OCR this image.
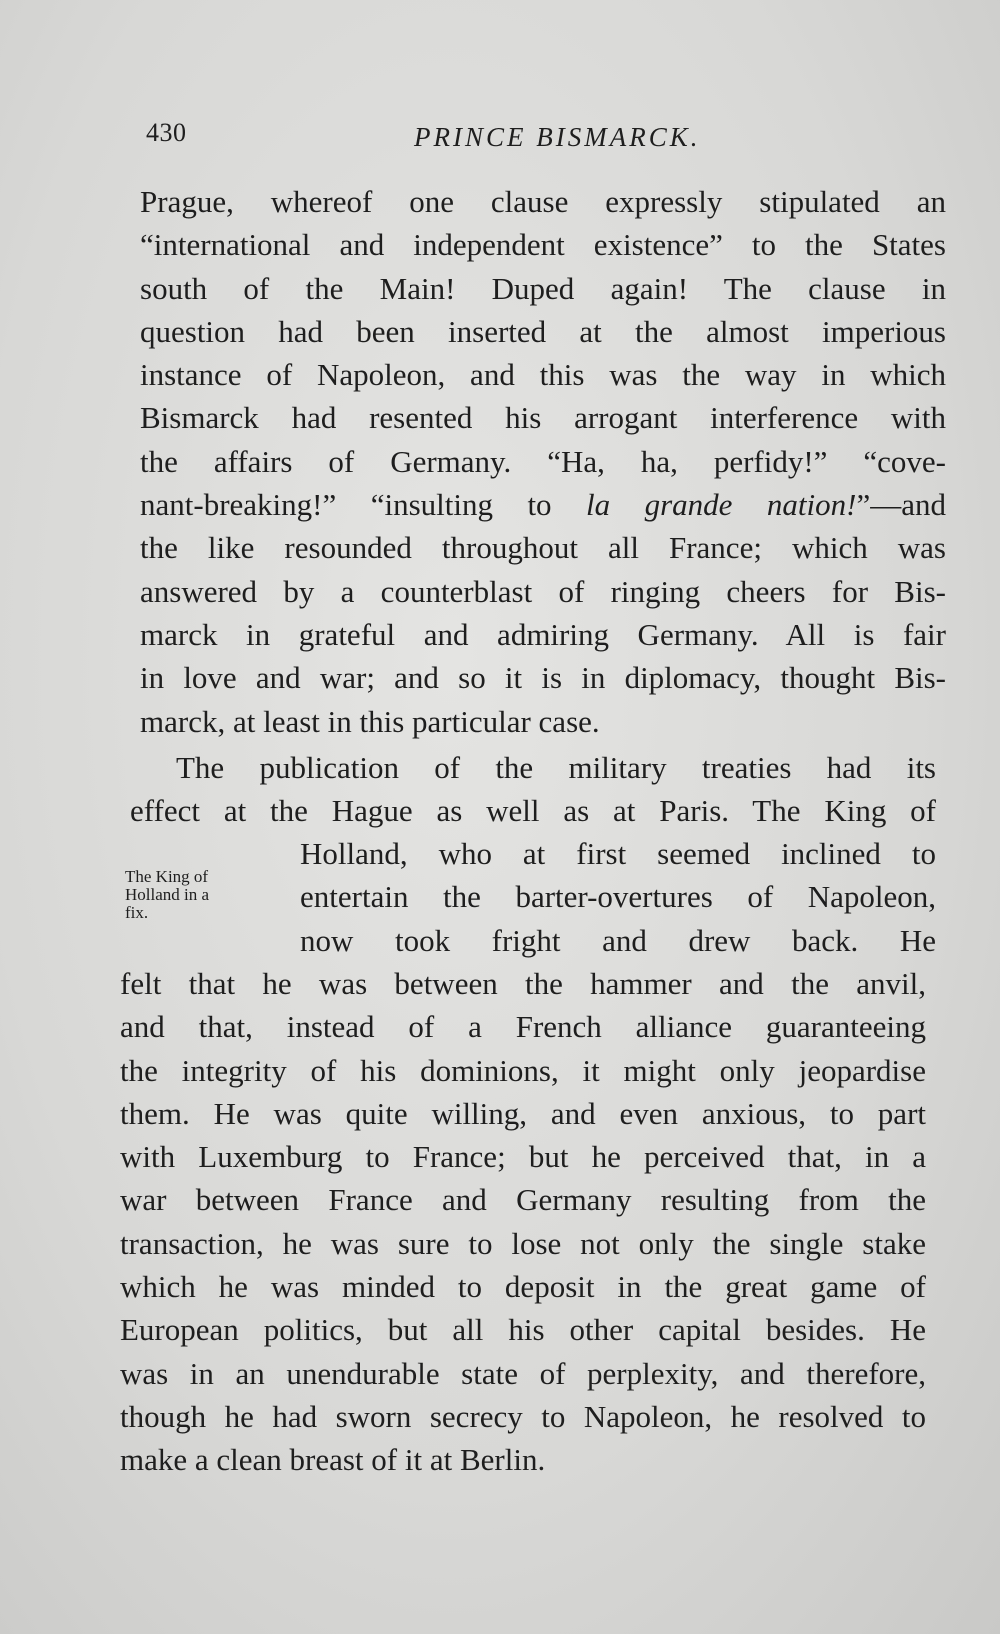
430	PRINCE BISMARCK.
Prague, whereof one clause expressly stipulated an
“international and independent existence” to the States
south of the Main! Duped again! The clause in
question had been inserted at the almost imperious
instance of Napoleon, and this was the way in which
Bismarck had resented his arrogant interference with
the affairs of Germany. “Ha, ha, perfidy!” “cove-
nant-breaking!” “insulting to la grande nation!”—and
the like resounded throughout all France; which was
answered by a counterblast of ringing cheers for Bis-
marck in grateful and admiring Germany. All is fair
in love and war; and so it is in diplomacy, thought Bis-
marck, at least in this particular case.
The publication of the military treaties had its
effect at the Hague as well as at Paris. The King of
The King of
Holland in a
fix.
Holland, who at first seemed inclined to
entertain the barter-overtures of Napoleon,
now took fright and drew back. He
felt that he was between the hammer and the anvil,
and that, instead of a French alliance guaranteeing
the integrity of his dominions, it might only jeopardise
them. He was quite willing, and even anxious, to part
with Luxemburg to France; but he perceived that, in a
war between France and Germany resulting from the
transaction, he was sure to lose not only the single stake
which he was minded to deposit in the great game of
European politics, but all his other capital besides. He
was in an unendurable state of perplexity, and therefore,
though he had sworn secrecy to Napoleon, he resolved to
make a clean breast of it at Berlin.
